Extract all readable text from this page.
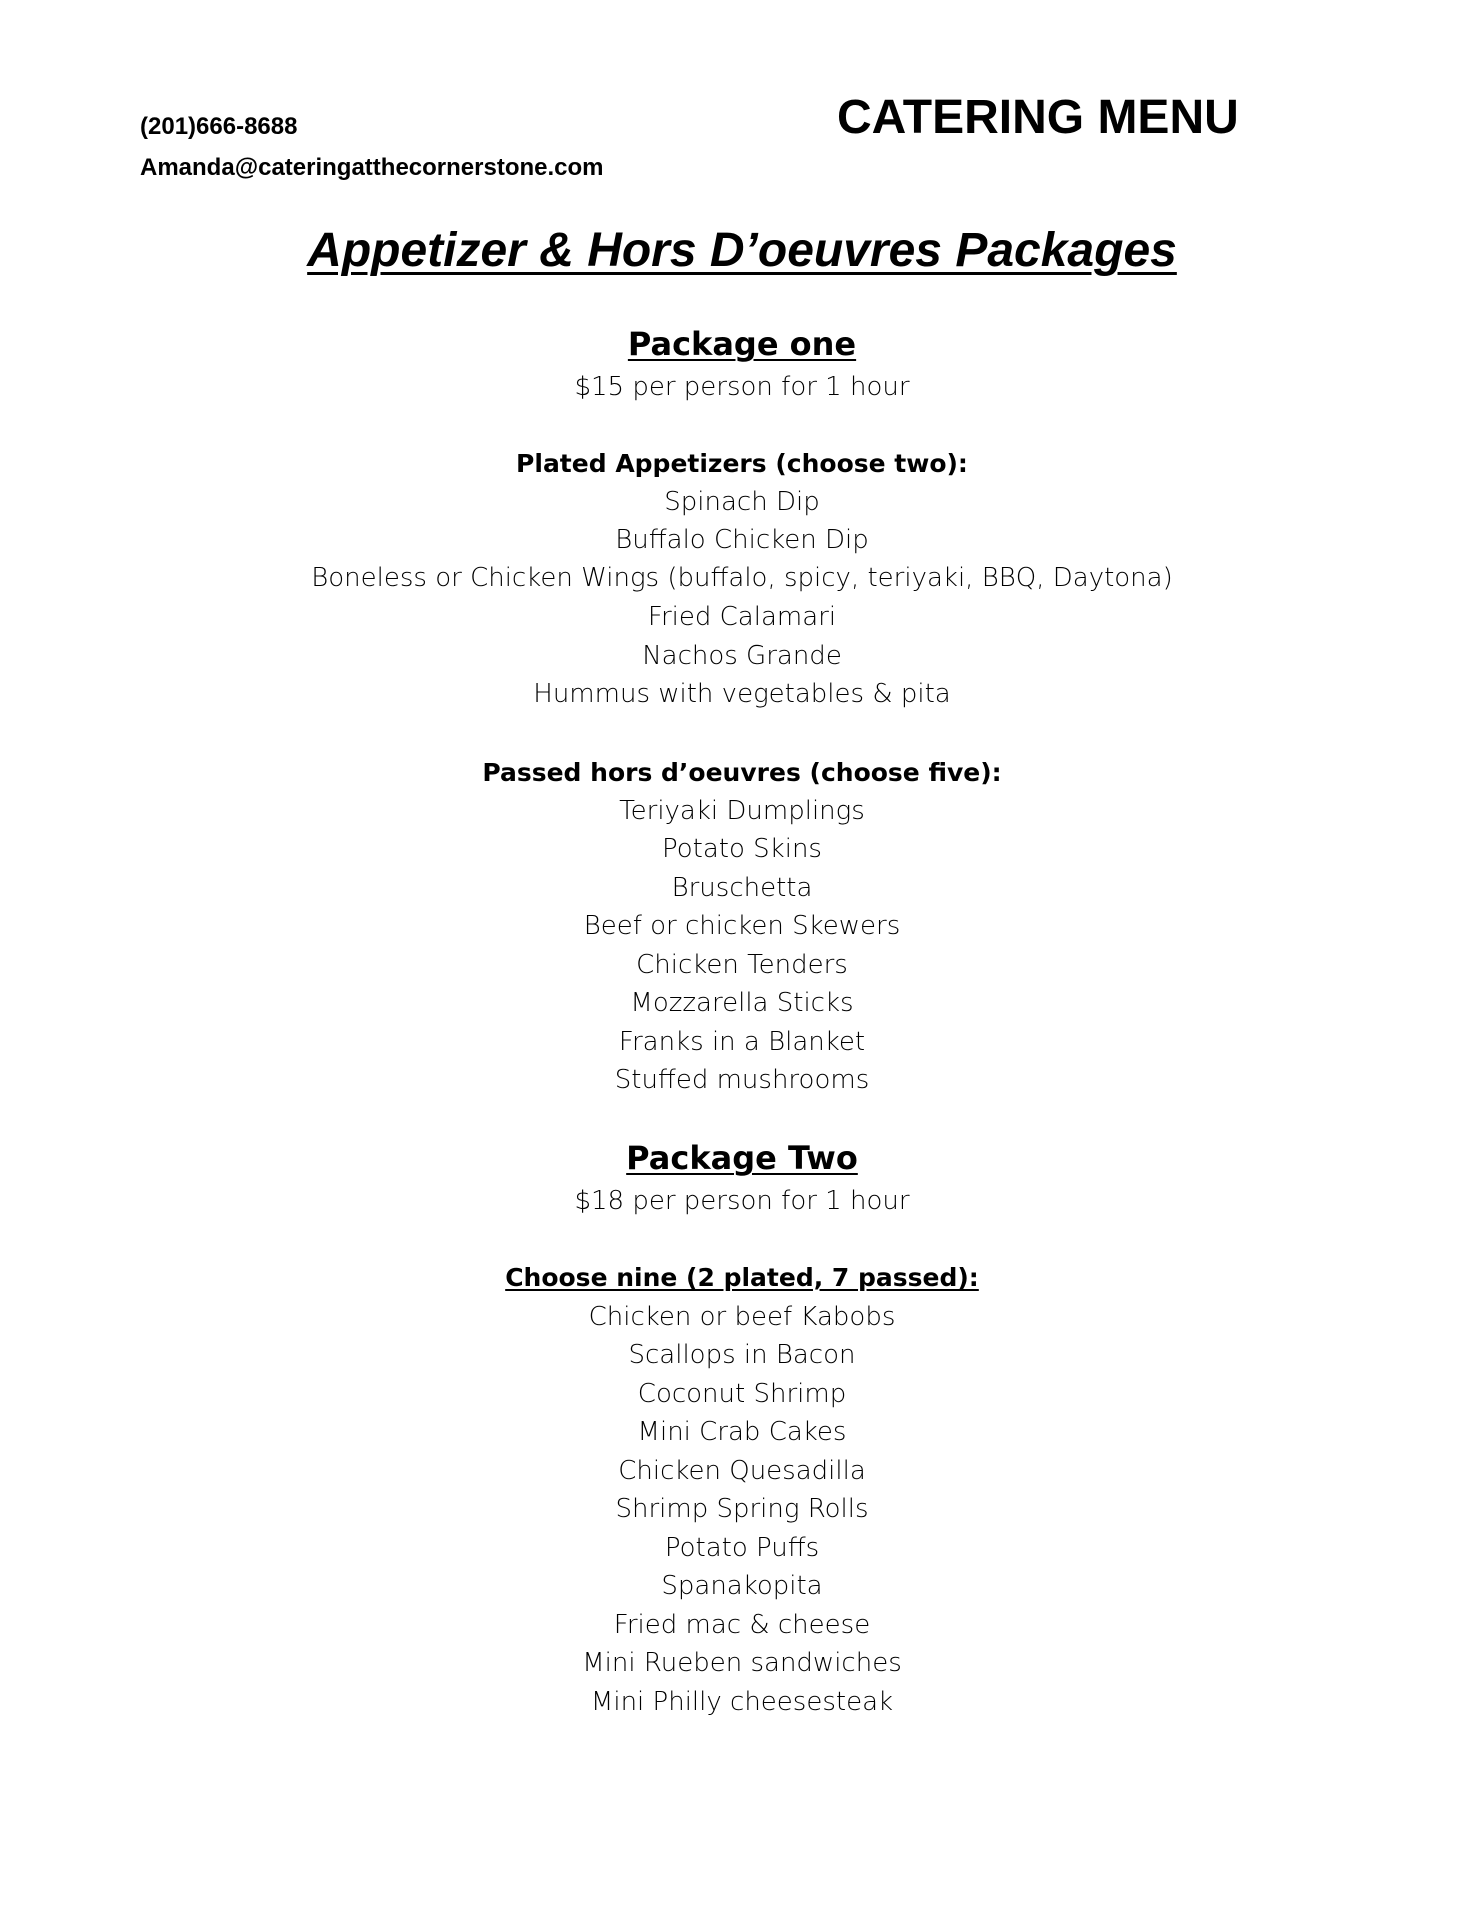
(201)666-8688
Amanda@cateringatthecornerstone.com
CATERING MENU
Appetizer & Hors D’oeuvres Packages
Package one
$15 per person for 1 hour
Plated Appetizers (choose two):
Spinach Dip
Buffalo Chicken Dip
Boneless or Chicken Wings (buffalo, spicy, teriyaki, BBQ, Daytona)
Fried Calamari
Nachos Grande
Hummus with vegetables & pita
Passed hors d’oeuvres (choose five):
Teriyaki Dumplings
Potato Skins
Bruschetta
Beef or chicken Skewers
Chicken Tenders
Mozzarella Sticks
Franks in a Blanket
Stuffed mushrooms
Package Two
$18 per person for 1 hour
Choose nine (2 plated, 7 passed):
Chicken or beef Kabobs
Scallops in Bacon
Coconut Shrimp
Mini Crab Cakes
Chicken Quesadilla
Shrimp Spring Rolls
Potato Puffs
Spanakopita
Fried mac & cheese
Mini Rueben sandwiches
Mini Philly cheesesteak
